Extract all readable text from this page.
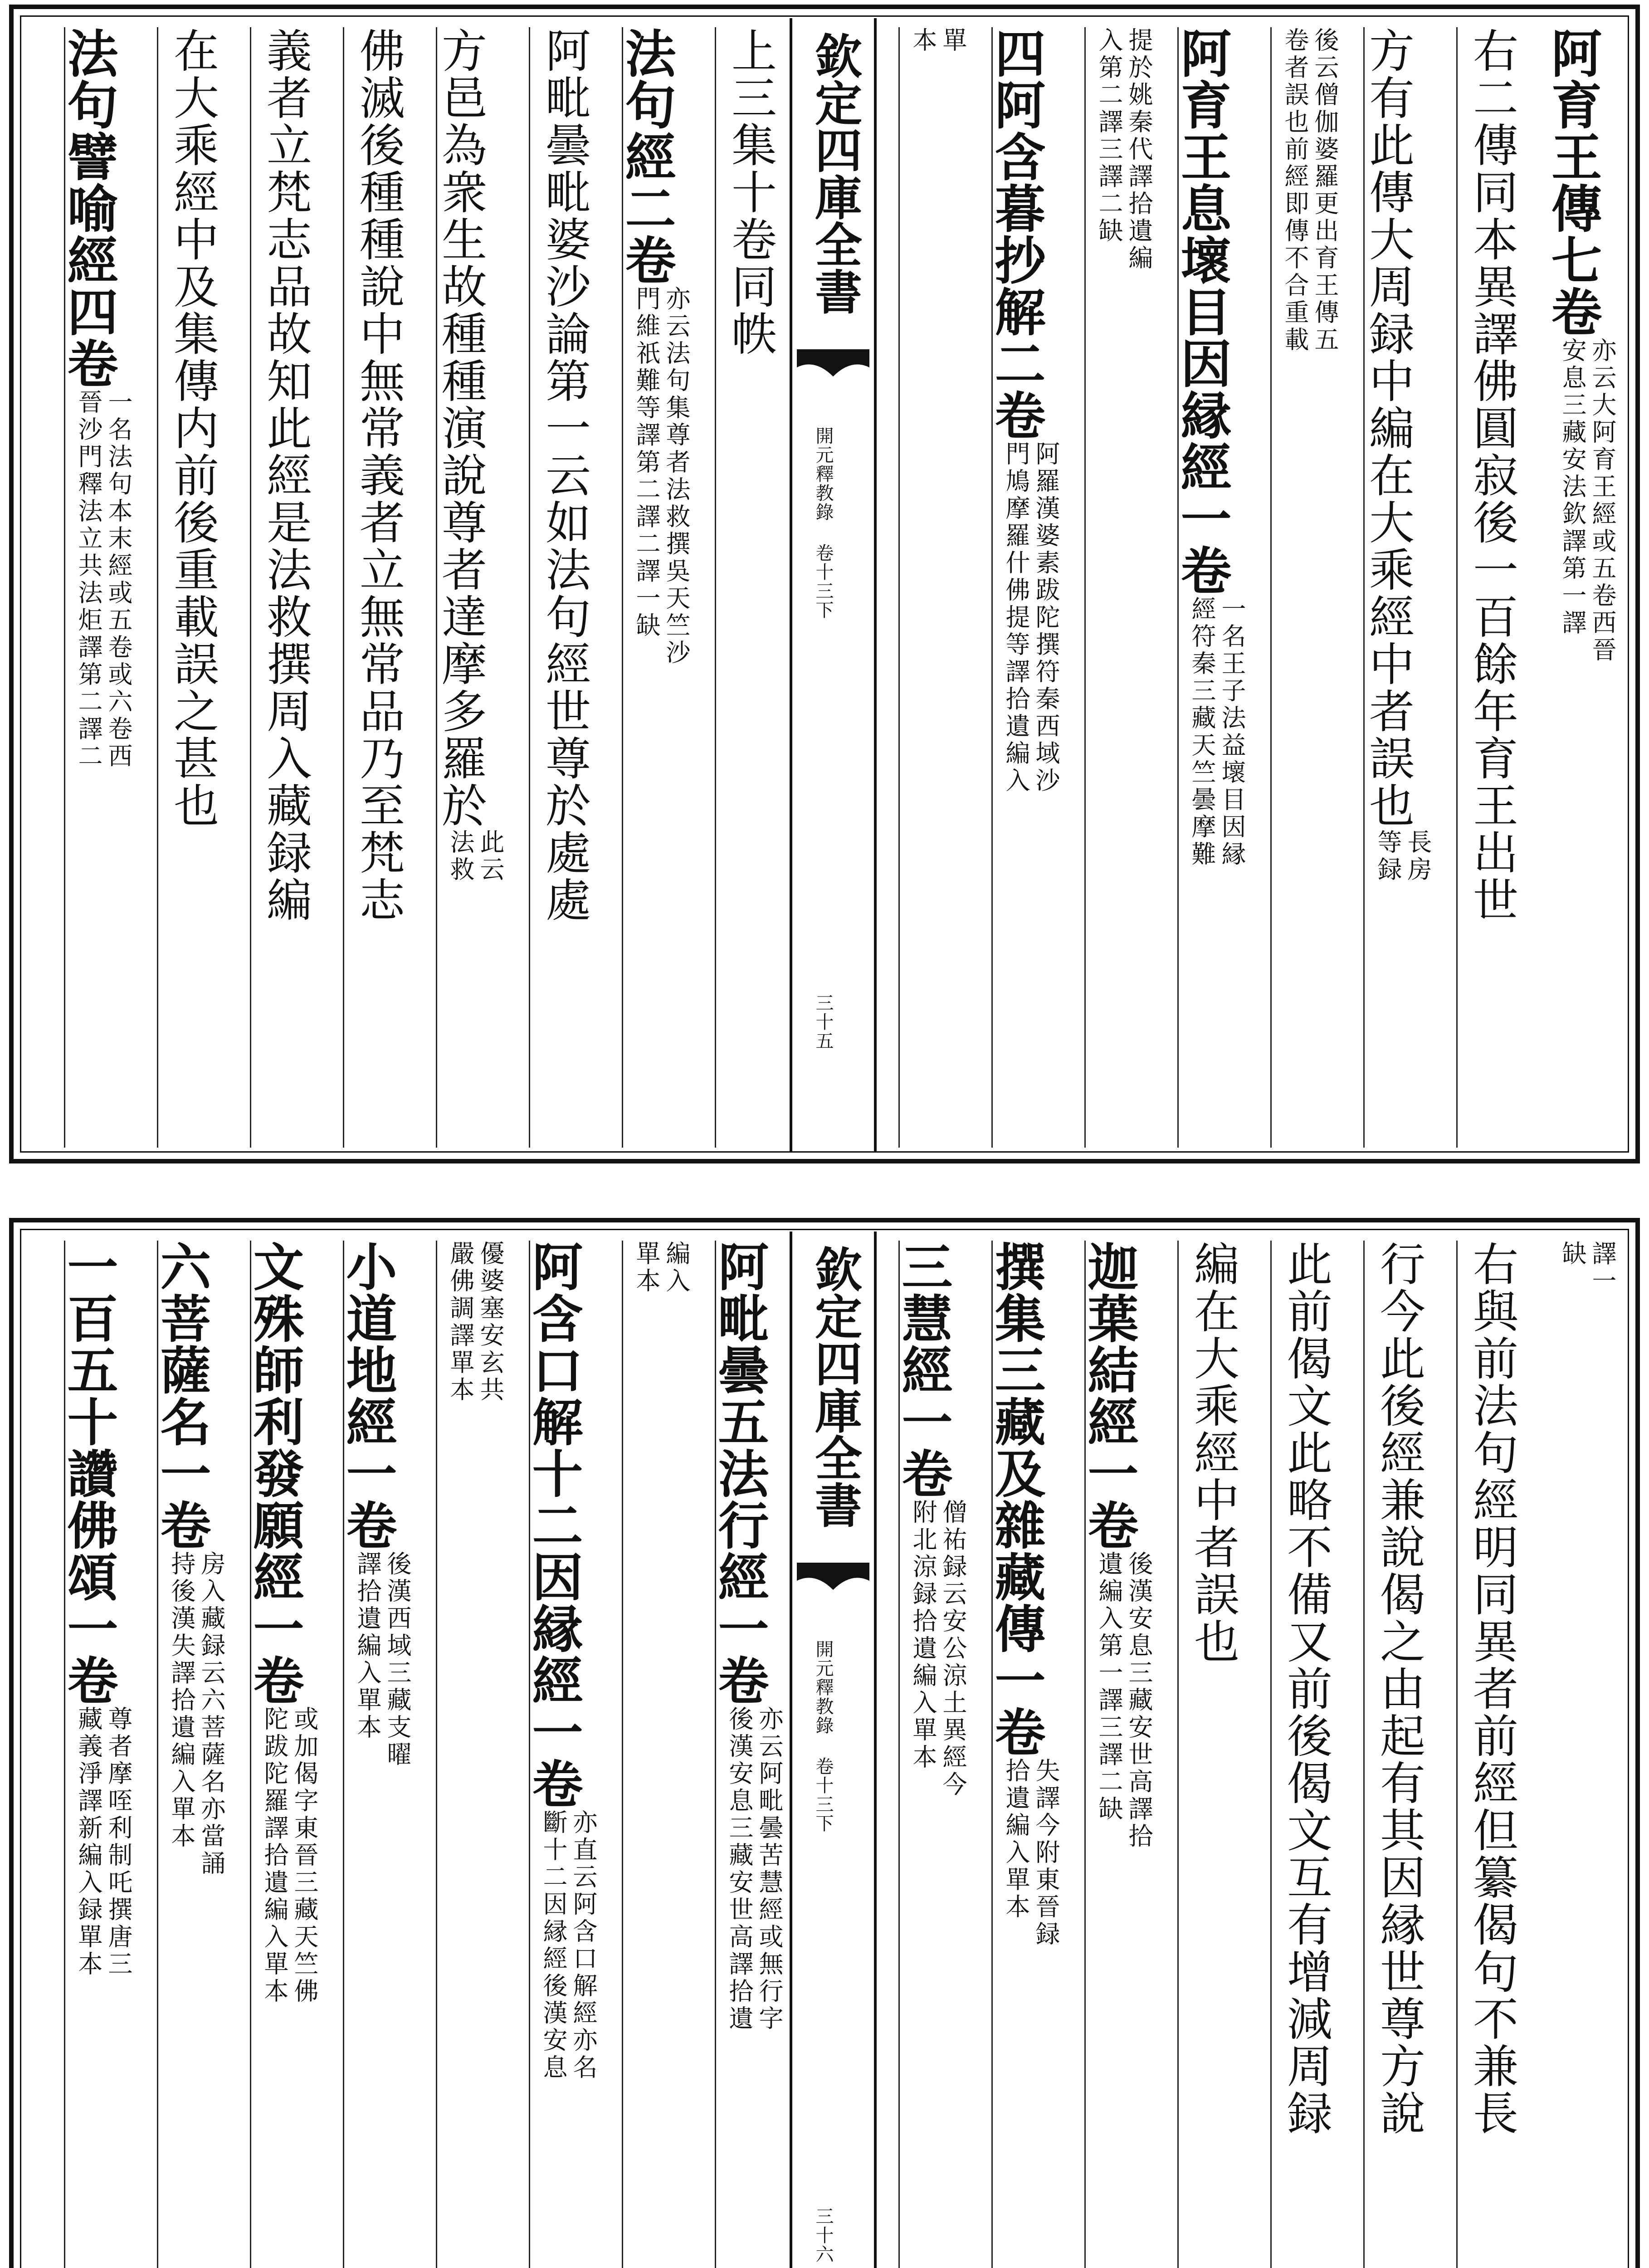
阿育王傳七卷
亦云大阿育王經或五卷西晉
安息三藏安法欽譯第一譯
右二傳同本異譯佛圓寂後一百餘年育王出世
方有此傳大周録中編在大乘經中者誤也
長房
等録
後云僧伽婆羅更出育王傳五
卷者誤也前經即傳不合重載
阿育王息壞目因縁經一卷
一名王子法益壞目因縁
經符秦三藏天竺曇摩難
提於姚秦代譯拾遺編
入第二譯三譯二缺
四阿含暮抄解二卷
阿羅漢婆素跋陀撰符秦西域沙
門鳩摩羅什佛提等譯拾遺編入
單
本
上三集十卷同帙
法句經二卷
亦云法句集尊者法救撰吳天竺沙
門維祇難等譯第二譯二譯一缺
阿毗曇毗婆沙論第一云如法句經世尊於處處
方邑為衆生故種種演說尊者達摩多羅於
此云
法救
佛滅後種種說中無常義者立無常品乃至梵志
義者立梵志品故知此經是法救撰周入藏録編
在大乘經中及集傳内前後重載誤之甚也
法句譬喻經四卷
一名法句本末經或五卷或六卷西
晉沙門釋法立共法炬譯第二譯二
欽定四庫全書
開元釋教錄 卷十三下
三十五
譯一
缺
右與前法句經明同異者前經但纂偈句不兼長
行今此後經兼說偈之由起有其因縁世尊方說
此前偈文此略不備又前後偈文互有增減周録
編在大乘經中者誤也
迦葉結經一卷
後漢安息三藏安世高譯拾
遺編入第一譯三譯二缺
撰集三藏及雜藏傳一卷
失譯今附東晉録
拾遺編入單本
三慧經一卷
僧祐録云安公涼土異經今
附北涼録拾遺編入單本
阿毗曇五法行經一卷
亦云阿毗曇苦慧經或無行字
後漢安息三藏安世高譯拾遺
編入
單本
阿含口解十二因縁經一卷
亦直云阿含口解經亦名
斷十二因縁經後漢安息
優婆塞安玄共
嚴佛調譯單本
小道地經一卷
後漢西域三藏支曜
譯拾遺編入單本
文殊師利發願經一卷
或加偈字東晉三藏天竺佛
陀跋陀羅譯拾遺編入單本
六菩薩名一卷
房入藏録云六菩薩名亦當誦
持後漢失譯拾遺編入單本
一百五十讚佛頌一卷
尊者摩咥利制吒撰唐三
藏義淨譯新編入録單本
欽定四庫全書
開元釋教錄 卷十三下
三十六
